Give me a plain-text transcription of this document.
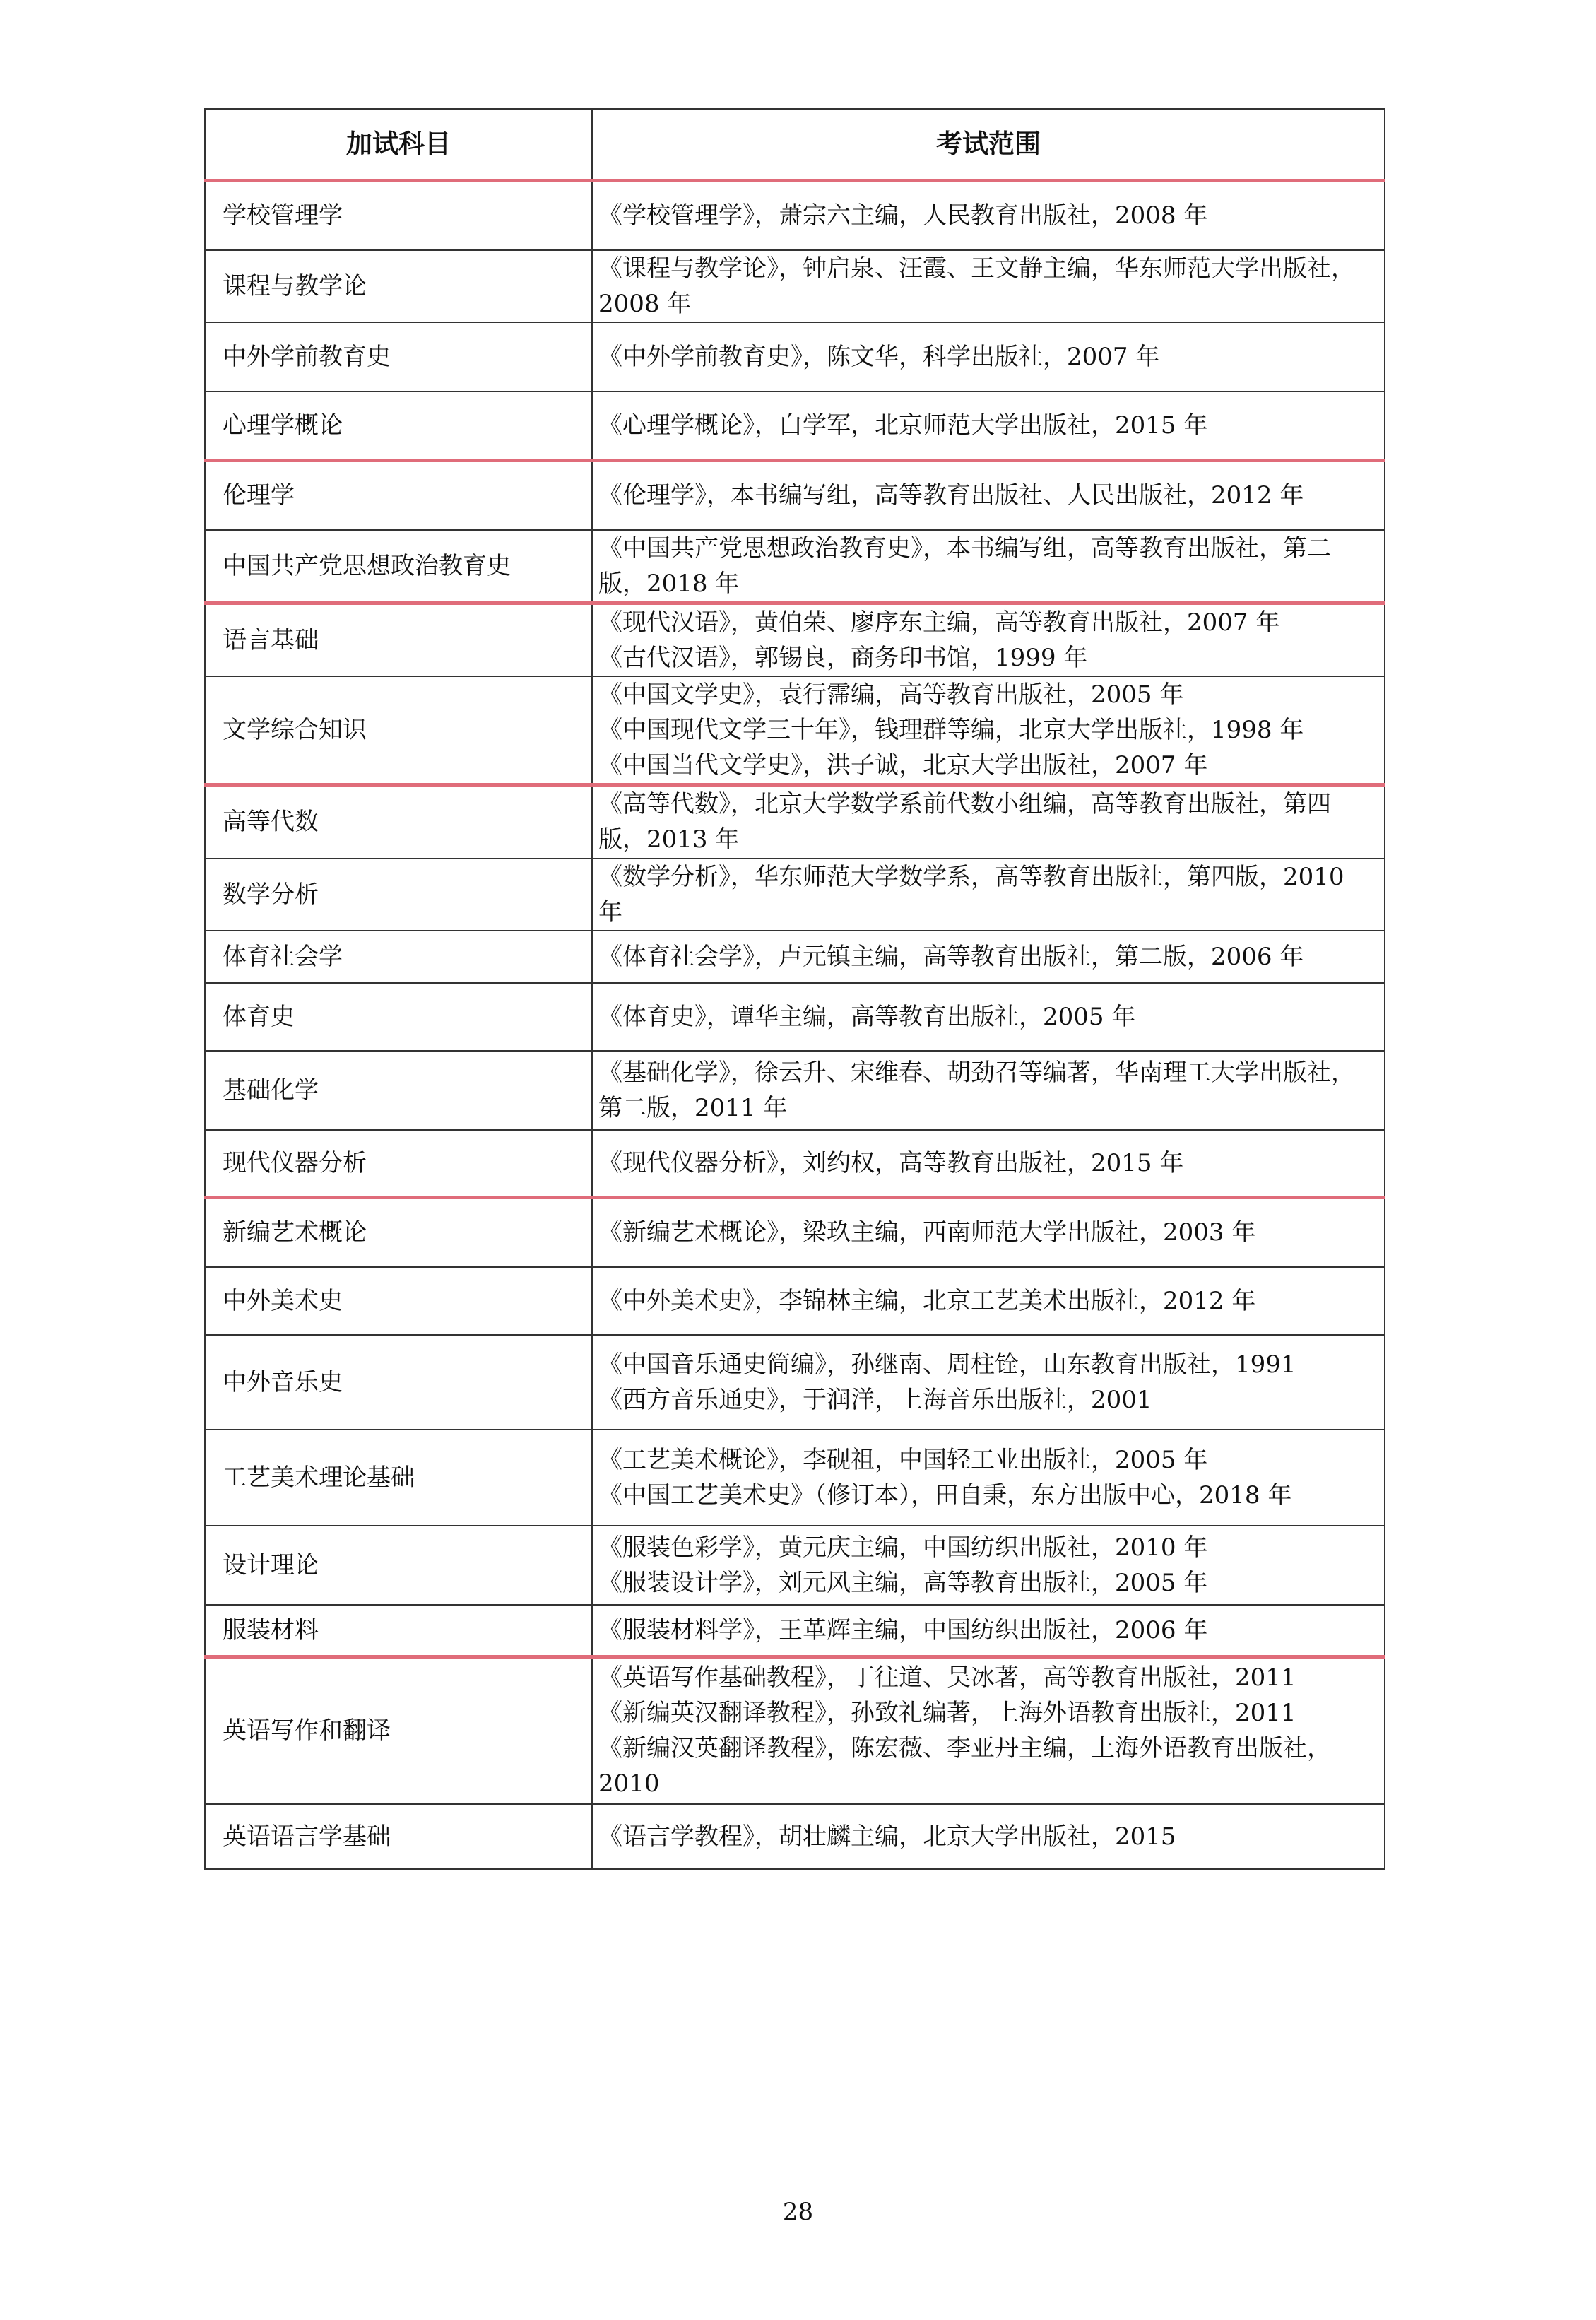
加试科目	考试范围
学校管理学	《学校管理学》，萧宗六主编，人民教育出版社，2008 年

课程与教学论	《课程与教学论》，钟启泉、汪霞、王文静主编，华东师范大学出版社，2008 年

中外学前教育史	《中外学前教育史》，陈文华，科学出版社，2007 年

心理学概论	《心理学概论》，白学军，北京师范大学出版社，2015 年

伦理学	《伦理学》，本书编写组，高等教育出版社、人民出版社，2012 年

中国共产党思想政治教育史	《中国共产党思想政治教育史》，本书编写组，高等教育出版社，第二版，2018 年

语言基础	《现代汉语》，黄伯荣、廖序东主编，高等教育出版社，2007 年
《古代汉语》，郭锡良，商务印书馆，1999 年

文学综合知识	《中国文学史》，袁行霈编，高等教育出版社，2005 年
《中国现代文学三十年》，钱理群等编，北京大学出版社，1998 年
《中国当代文学史》，洪子诚，北京大学出版社，2007 年

高等代数	《高等代数》，北京大学数学系前代数小组编，高等教育出版社，第四版，2013 年

数学分析	《数学分析》，华东师范大学数学系，高等教育出版社，第四版，2010 年

体育社会学	《体育社会学》，卢元镇主编，高等教育出版社，第二版，2006 年

体育史	《体育史》，谭华主编，高等教育出版社，2005 年

基础化学	《基础化学》，徐云升、宋维春、胡劲召等编著，华南理工大学出版社，第二版，2011 年

现代仪器分析	《现代仪器分析》，刘约权，高等教育出版社，2015 年

新编艺术概论	《新编艺术概论》，梁玖主编，西南师范大学出版社，2003 年

中外美术史	《中外美术史》，李锦林主编，北京工艺美术出版社，2012 年

中外音乐史	《中国音乐通史简编》，孙继南、周柱铨，山东教育出版社，1991
《西方音乐通史》，于润洋，上海音乐出版社，2001

工艺美术理论基础	《工艺美术概论》，李砚祖，中国轻工业出版社，2005 年
《中国工艺美术史》（修订本），田自秉，东方出版中心，2018 年

设计理论	《服装色彩学》，黄元庆主编，中国纺织出版社，2010 年
《服装设计学》，刘元风主编，高等教育出版社，2005 年

服装材料	《服装材料学》，王革辉主编，中国纺织出版社，2006 年

英语写作和翻译	《英语写作基础教程》，丁往道、吴冰著，高等教育出版社，2011
《新编英汉翻译教程》，孙致礼编著，上海外语教育出版社，2011
《新编汉英翻译教程》，陈宏薇、李亚丹主编，上海外语教育出版社，2010

英语语言学基础	《语言学教程》，胡壮麟主编，北京大学出版社，2015
28
